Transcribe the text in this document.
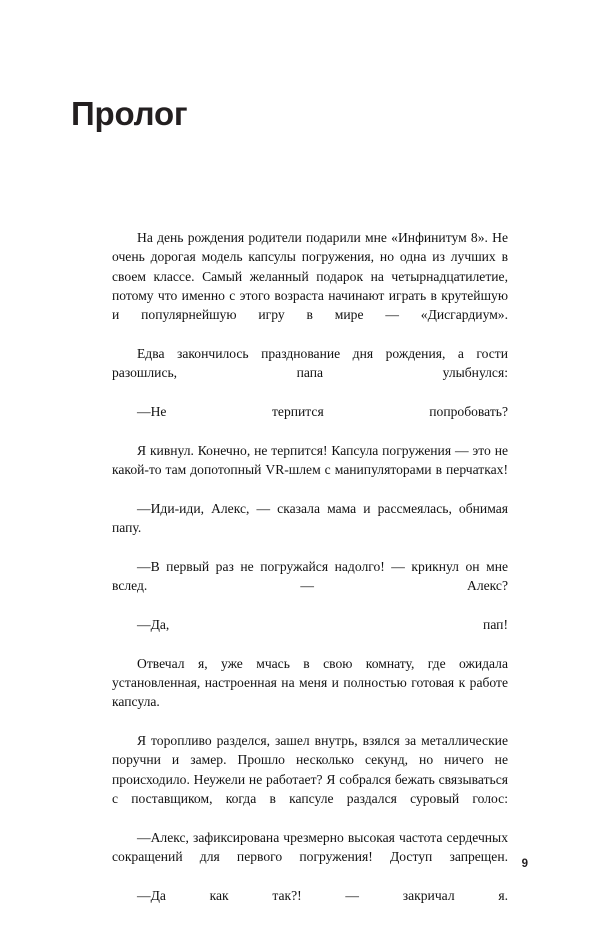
Пролог

На день рождения родители подарили мне «Инфинитум 8». Не очень дорогая модель капсулы погружения, но одна из лучших в своем классе. Самый желанный подарок на четырнадцатилетие, потому что именно с этого возраста начинают играть в крутейшую и популярнейшую игру в мире — «Дисгардиум».

Едва закончилось празднование дня рождения, а гости разошлись, папа улыбнулся:

—Не терпится попробовать?

Я кивнул. Конечно, не терпится! Капсула погружения — это не какой-то там допотопный VR-шлем с манипуляторами в перчатках!

—Иди-иди, Алекс, — сказала мама и рассмеялась, обнимая папу.

—В первый раз не погружайся надолго! — крикнул он мне вслед. — Алекс?

—Да, пап!

Отвечал я, уже мчась в свою комнату, где ожидала установленная, настроенная на меня и полностью готовая к работе капсула.

Я торопливо разделся, зашел внутрь, взялся за металлические поручни и замер. Прошло несколько секунд, но ничего не происходило. Неужели не работает? Я собрался бежать связываться с поставщиком, когда в капсуле раздался суровый голос:

—Алекс, зафиксирована чрезмерно высокая частота сердечных сокращений для первого погружения! Доступ запрещен.

—Да как так?! — закричал я.

9
